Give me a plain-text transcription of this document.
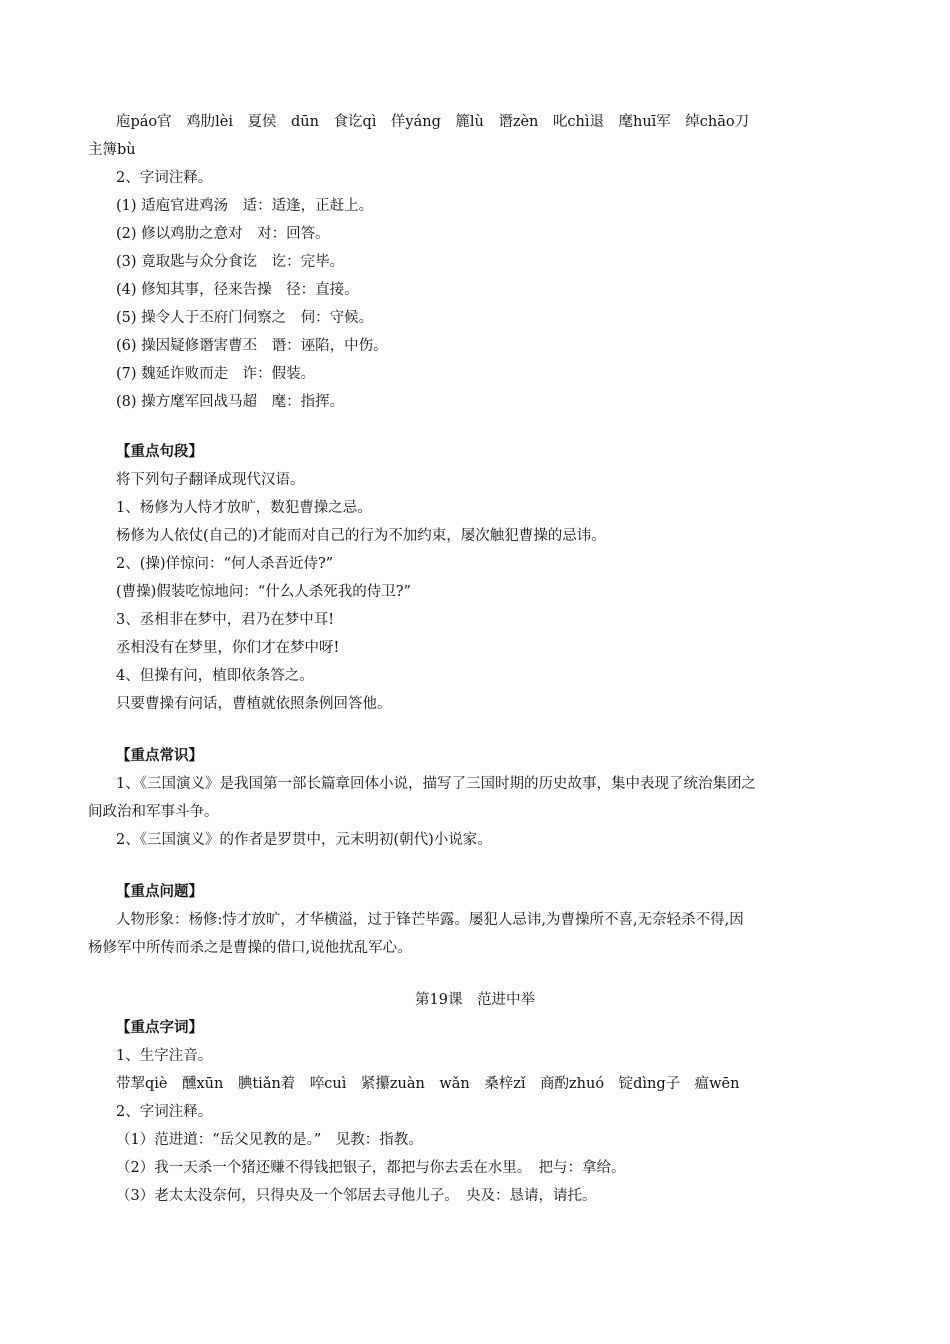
庖páo官　鸡肋lèi　夏侯　dūn　食讫qì　佯yáng　簏lù　谮zèn　叱chì退　麾huī军　绰chāo刀
主簿bù
2、字词注释。
(1) 适庖官进鸡汤　适：适逢，正赶上。
(2) 修以鸡肋之意对　对：回答。
(3) 竟取匙与众分食讫　讫：完毕。
(4) 修知其事，径来告操　径：直接。
(5) 操令人于丕府门伺察之　伺：守候。
(6) 操因疑修谮害曹丕　谮：诬陷，中伤。
(7) 魏延诈败而走　诈：假装。
(8) 操方麾军回战马超　麾：指挥。
【重点句段】
将下列句子翻译成现代汉语。
1、杨修为人恃才放旷，数犯曹操之忌。
杨修为人依仗(自己的)才能而对自己的行为不加约束，屡次触犯曹操的忌讳。
2、(操)佯惊问：“何人杀吾近侍?”
(曹操)假装吃惊地问：“什么人杀死我的侍卫?”
3、丞相非在梦中，君乃在梦中耳!
丞相没有在梦里，你们才在梦中呀!
4、但操有问，植即依条答之。
只要曹操有问话，曹植就依照条例回答他。
【重点常识】
1、《三国演义》是我国第一部长篇章回体小说，描写了三国时期的历史故事，集中表现了统治集团之
间政治和军事斗争。
2、《三国演义》的作者是罗贯中，元末明初(朝代)小说家。
【重点问题】
人物形象：杨修:恃才放旷，才华横溢，过于锋芒毕露。屡犯人忌讳,为曹操所不喜,无奈轻杀不得,因
杨修军中所传而杀之是曹操的借口,说他扰乱军心。
第19课　范进中举
【重点字词】
1、生字注音。
带挈qiè　醺xūn　腆tiǎn着　啐cuì　紧攥zuàn　wǎn　桑梓zǐ　商酌zhuó　锭dìng子　瘟wēn
2、字词注释。
（1）范进道：“岳父见教的是。”　见教：指教。
（2）我一天杀一个猪还赚不得钱把银子，都把与你去丢在水里。　把与：拿给。
（3）老太太没奈何，只得央及一个邻居去寻他儿子。　央及：恳请，请托。
